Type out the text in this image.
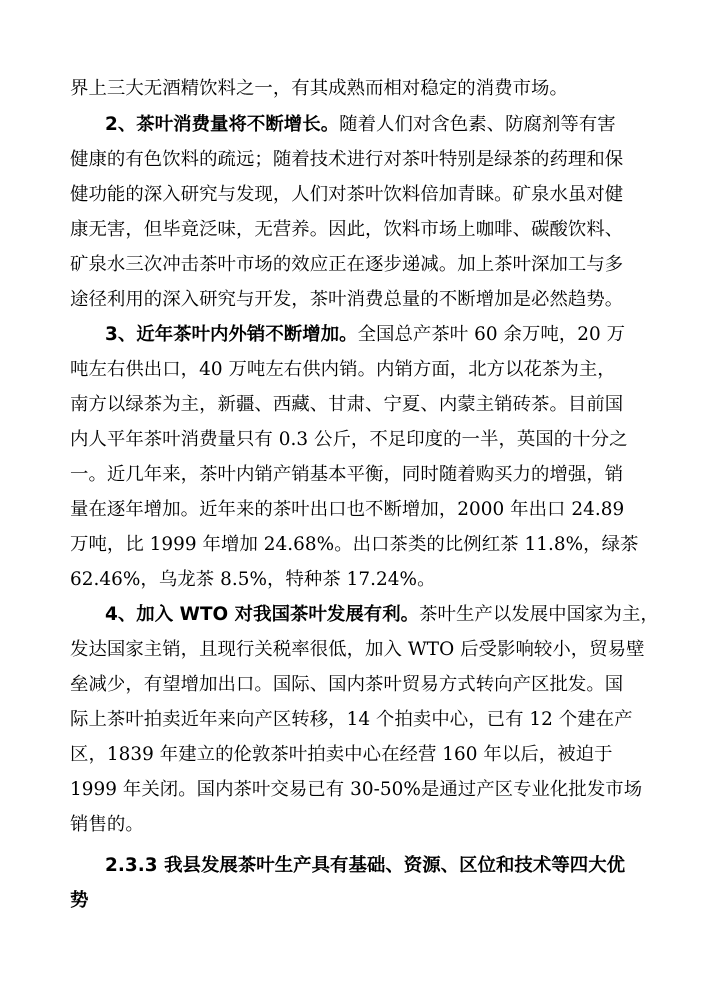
界上三大无酒精饮料之一，有其成熟而相对稳定的消费市场。
2、茶叶消费量将不断增长。随着人们对含色素、防腐剂等有害
健康的有色饮料的疏远；随着技术进行对茶叶特别是绿茶的药理和保
健功能的深入研究与发现，人们对茶叶饮料倍加青睐。矿泉水虽对健
康无害，但毕竟泛味，无营养。因此，饮料市场上咖啡、碳酸饮料、
矿泉水三次冲击茶叶市场的效应正在逐步递减。加上茶叶深加工与多
途径利用的深入研究与开发，茶叶消费总量的不断增加是必然趋势。
3、近年茶叶内外销不断增加。全国总产茶叶 60 余万吨，20 万
吨左右供出口，40 万吨左右供内销。内销方面，北方以花茶为主，
南方以绿茶为主，新疆、西藏、甘肃、宁夏、内蒙主销砖茶。目前国
内人平年茶叶消费量只有 0.3 公斤，不足印度的一半，英国的十分之
一。近几年来，茶叶内销产销基本平衡，同时随着购买力的增强，销
量在逐年增加。近年来的茶叶出口也不断增加，2000 年出口 24.89
万吨，比 1999 年增加 24.68%。出口茶类的比例红茶 11.8%，绿茶
62.46%，乌龙茶 8.5%，特种茶 17.24%。
4、加入 WTO 对我国茶叶发展有利。茶叶生产以发展中国家为主，
发达国家主销，且现行关税率很低，加入 WTO 后受影响较小，贸易壁
垒减少，有望增加出口。国际、国内茶叶贸易方式转向产区批发。国
际上茶叶拍卖近年来向产区转移，14 个拍卖中心，已有 12 个建在产
区，1839 年建立的伦敦茶叶拍卖中心在经营 160 年以后，被迫于
1999 年关闭。国内茶叶交易已有 30-50%是通过产区专业化批发市场
销售的。
2.3.3 我县发展茶叶生产具有基础、资源、区位和技术等四大优
势
